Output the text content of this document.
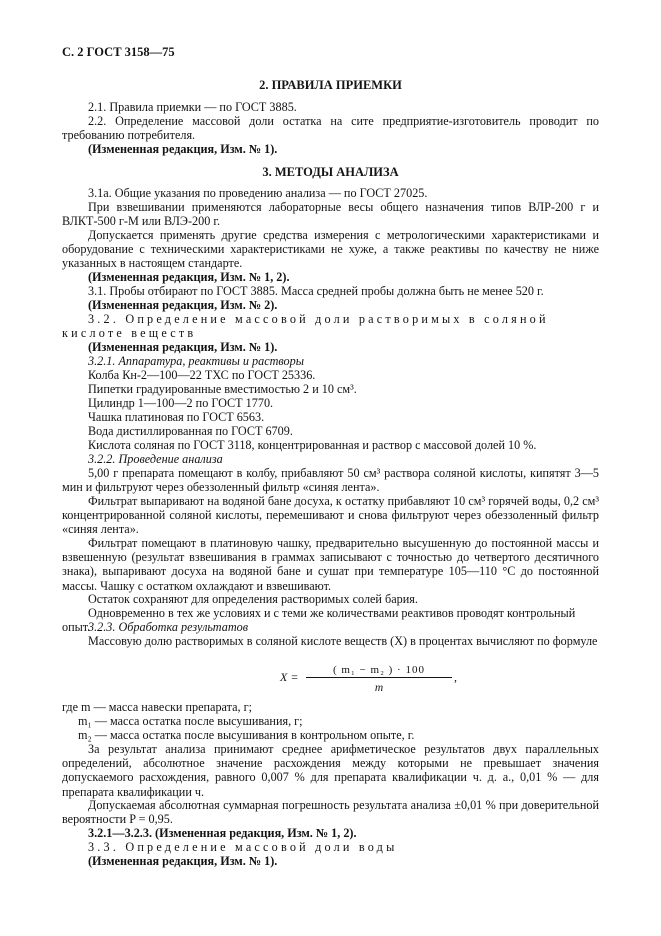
С. 2 ГОСТ 3158—75
2. ПРАВИЛА ПРИЕМКИ

2.1. Правила приемки — по ГОСТ 3885.

2.2. Определение массовой доли остатка на сите предприятие-изготовитель проводит по требованию потребителя.

(Измененная редакция, Изм. № 1).

3. МЕТОДЫ АНАЛИЗА

3.1а. Общие указания по проведению анализа — по ГОСТ 27025.

При взвешивании применяются лабораторные весы общего назначения типов ВЛР-200 г и ВЛКТ-500 г-М или ВЛЭ-200 г.

Допускается применять другие средства измерения с метрологическими характеристиками и оборудование с техническими характеристиками не хуже, а также реактивы по качеству не ниже указанных в настоящем стандарте.

(Измененная редакция, Изм. № 1, 2).

3.1. Пробы отбирают по ГОСТ 3885. Масса средней пробы должна быть не менее 520 г.

(Измененная редакция, Изм. № 2).

3.2. Определение массовой доли растворимых в соляной кислоте веществ

(Измененная редакция, Изм. № 1).

3.2.1. Аппаратура, реактивы и растворы

Колба Кн-2—100—22 ТХС по ГОСТ 25336.

Пипетки градуированные вместимостью 2 и 10 см³.

Цилиндр 1—100—2 по ГОСТ 1770.

Чашка платиновая по ГОСТ 6563.

Вода дистиллированная по ГОСТ 6709.

Кислота соляная по ГОСТ 3118, концентрированная и раствор с массовой долей 10 %.

3.2.2. Проведение анализа

5,00 г препарата помещают в колбу, прибавляют 50 см³ раствора соляной кислоты, кипятят 3—5 мин и фильтруют через обеззоленный фильтр «синяя лента».

Фильтрат выпаривают на водяной бане досуха, к остатку прибавляют 10 см³ горячей воды, 0,2 см³ концентрированной соляной кислоты, перемешивают и снова фильтруют через обеззоленный фильтр «синяя лента».

Фильтрат помещают в платиновую чашку, предварительно высушенную до постоянной массы и взвешенную (результат взвешивания в граммах записывают с точностью до четвертого десятичного знака), выпаривают досуха на водяной бане и сушат при температуре 105—110 °С до постоянной массы. Чашку с остатком охлаждают и взвешивают.

Остаток сохраняют для определения растворимых солей бария.

Одновременно в тех же условиях и с теми же количествами реактивов проводят контрольный опыт.

3.2.3. Обработка результатов

Массовую долю растворимых в соляной кислоте веществ (X) в процентах вычисляют по формуле

X =	( m₁ − m₂ ) · 100
m
,

где m — масса навески препарата, г;

m₁ — масса остатка после высушивания, г;

m₂ — масса остатка после высушивания в контрольном опыте, г.

За результат анализа принимают среднее арифметическое результатов двух параллельных определений, абсолютное значение расхождения между которыми не превышает значения допускаемого расхождения, равного 0,007 % для препарата квалификации ч. д. а., 0,01 % — для препарата квалификации ч.

Допускаемая абсолютная суммарная погрешность результата анализа ±0,01 % при доверительной вероятности P = 0,95.

3.2.1—3.2.3. (Измененная редакция, Изм. № 1, 2).

3.3. Определение массовой доли воды

(Измененная редакция, Изм. № 1).
